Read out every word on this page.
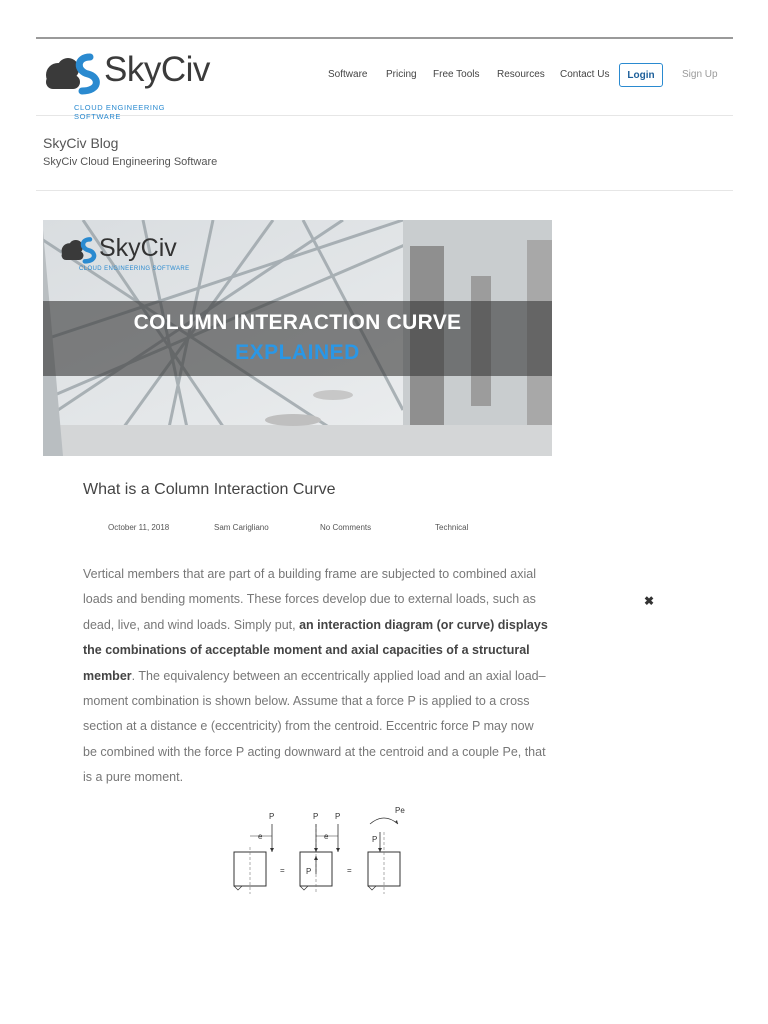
SkyCiv
CLOUD ENGINEERING SOFTWARE
Software Pricing Free Tools Resources Contact Us	Login	Sign Up
SkyCiv Blog
SkyCiv Cloud Engineering Software
SkyCiv
CLOUD ENGINEERING SOFTWARE
COLUMN INTERACTION CURVE
EXPLAINED
What is a Column Interaction Curve
October 11, 2018	Sam Carigliano	No Comments	Technical
Vertical members that are part of a building frame are subjected to combined axial loads and bending moments. These forces develop due to external loads, such as dead, live, and wind loads. Simply put, an interaction diagram (or curve) displays the combinations of acceptable moment and axial capacities of a structural member. The equivalency between an eccentrically applied load and an axial load–moment combination is shown below. Assume that a force P is applied to a cross section at a distance e (eccentricity) from the centroid. Eccentric force P may now be combined with the force P acting downward at the centroid and a couple Pe, that is a pure moment.
✖
P
e
=
P P
e
P	=
P
Pe
